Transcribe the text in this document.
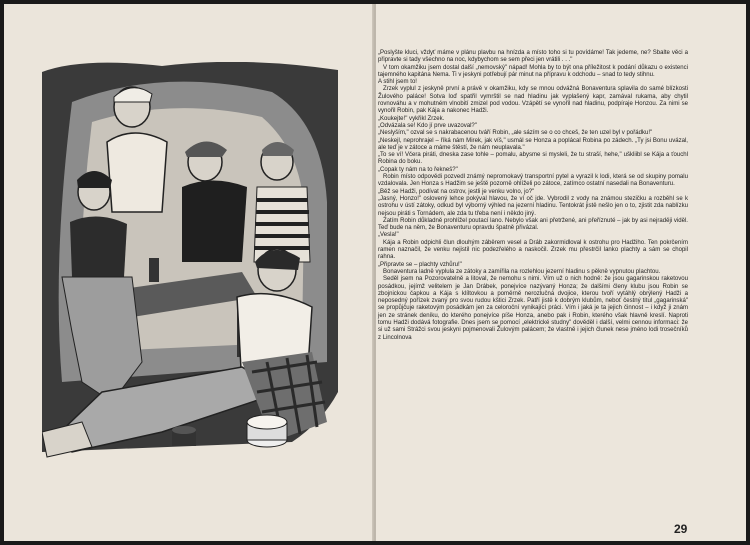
„Poslyšte kluci, vždyť máme v plánu plavbu na hnízda a místo toho si tu povídáme! Tak jedeme, ne? Sbalte věci a připravte si tady všechno na noc, kdybychom se sem přeci jen vrátili . . ."

V tom okamžiku jsem dostal další „nemovský" nápad! Mohla by to být ona příležitost k podání důkazu o existenci tajemného kapitána Nema. Ti v jeskyni potřebují pár minut na přípravu k odchodu – snad to tedy stihnu.

A stihl jsem to!

Zrzek vyplul z jeskyně první a právě v okamžiku, kdy se mnou odvážná Bonaventura splavila do samé blízkosti Žulového paláce! Sotva loď spatřil vymrštil se nad hladinu jak vyplašený kapr, zamával rukama, aby chytil rovnováhu a v mohutném vlnobití zmizel pod vodou. Vzápětí se vynořil nad hladinu, podpíraje Honzou. Za nimi se vynořil Robin, pak Kája a nakonec Hadži.

„Koukejte!" vykřikl Zrzek.

„Odvázala se! Kdo jí prve uvazoval?"

„Neslyším," ozval se s nakrabacenou tváří Robin, „ale sázím se o co chceš, že ten uzel byl v pořádku!"

„Neskejl, neprohrajel – říká nám Mirek, jak víš," usmál se Honza a poplácal Robina po zádech. „Ty jsi Bonu uvázal, ale teď je v zátoce a máme štěstí, že nám neuplavala."

„To se ví! Včera piráti, dneska zase tohle – pomalu, abysme si mysleli, že tu straší, hehe," uškliibl se Kája a ťouchl Robina do boku.

„Copak ty nám na to řekneš?"

Robin místo odpovědi pozvedl známý nepromokavý transportní pytel a vyrazil k lodi, která se od skupiny pomalu vzdalovala. Jen Honza s Hadžim se ještě pozorně ohlíželi po zátoce, zatímco ostatní nasedali na Bonaventuru.

„Běž se Hadži, podívat na ostrov, jestli je venku volno, jo?"

„Jasný, Honzo!" oslovený lehce pokýval hlavou, že ví oč jde. Vybrodil z vody na známou stezičku a rozběhl se k ostrohu v ústí zátoky, odkud byl výborný výhled na jezerní hladinu. Tentokrát jistě nešlo jen o to, zjistit zda nablízku nejsou piráti s Tornádem, ale zda tu třeba není i někdo jiný.

Zatím Robin důkladně prohlížel poutací lano. Nebylo však ani přetržené, ani přeříznuté – jak by asi nejraději viděl. Teď bude na něm, že Bonaventuru opravdu špatně přivázal.

„Vesla!"

Kája a Robin odpichli člun dlouhým záběrem vesel a Dráb zakormidloval k ostrohu pro Hadžiho. Ten pokrčením ramen naznačil, že venku nejistil nic podezřelého a naskočil. Zrzek mu přestrčil lanko plachty a sám se chopil rahna.

„Připravte se – plachty vzhůru!"

Bonaventura ladně vyplula ze zátoky a zamířila na rozlehlou jezerní hladinu s pěkně vypnutou plachtou.

Seděl jsem na Pozorovatelně a litoval, že nemohu s nimi. Vím už o nich hodně: že jsou gagarinskou raketovou posádkou, jejímž velitelem je Jan Drábek, ponejvíce nazývaný Honza; že dalšími členy klubu jsou Robin se zbojnickou čapkou a Kája s klíltovkou a poměrně nerozlučná dvojice, kterou tvoří vytáhlý obrýlený Hadži a neposedný pořízek zvaný pro svou rudou kštici Zrzek. Patří jistě k dobrým klubům, neboť čestný titul „gagarinská" se propůjčuje raketovým posádkám jen za celoroční vynikající práci. Vím i jaká je ta jejich činnost – i když ji znám jen ze stránek deníku, do kterého ponejvíce píše Honza, anebo pak i Robin, kterého však hlavně kreslí. Naproti tomu Hadži dodává fotografie. Dnes jsem se pomocí „elektrické studny" dověděl i další, velmi cennou informaci: že si už sami Strážci svou jeskyni pojmenovali Žulovým palácem; že vlastně i jejich člunek nese jméno lodi trosečníků z Lincolnova

29
